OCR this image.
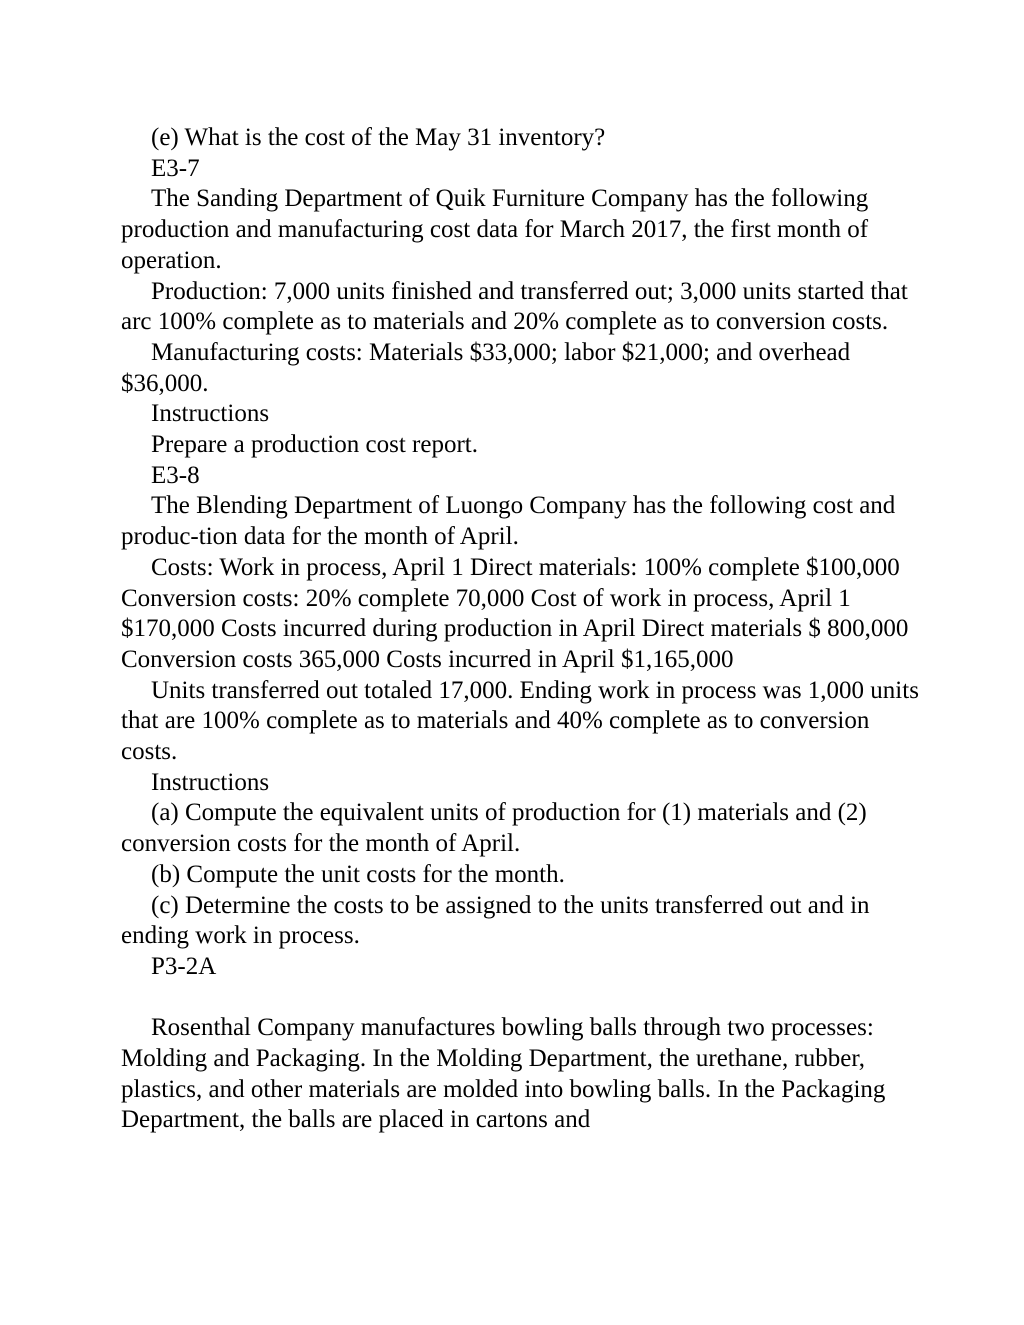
(e) What is the cost of the May 31 inventory?

E3-7

The Sanding Department of Quik Furniture Company has the following production and manufacturing cost data for March 2017, the first month of operation.

Production: 7,000 units finished and transferred out; 3,000 units started that arc 100% complete as to materials and 20% complete as to conversion costs.

Manufacturing costs: Materials $33,000; labor $21,000; and overhead $36,000.

Instructions

Prepare a production cost report.

E3-8

The Blending Department of Luongo Company has the following cost and produc-tion data for the month of April.

Costs: Work in process, April 1 Direct materials: 100% complete $100,000 Conversion costs: 20% complete 70,000 Cost of work in process, April 1 $170,000 Costs incurred during production in April Direct materials $ 800,000 Conversion costs 365,000 Costs incurred in April $1,165,000

Units transferred out totaled 17,000. Ending work in process was 1,000 units that are 100% complete as to materials and 40% complete as to conversion costs.

Instructions

(a) Compute the equivalent units of production for (1) materials and (2) conversion costs for the month of April.

(b) Compute the unit costs for the month.

(c) Determine the costs to be assigned to the units transferred out and in ending work in process.

P3-2A

Rosenthal Company manufactures bowling balls through two processes: Molding and Packaging. In the Molding Department, the urethane, rubber, plastics, and other materials are molded into bowling balls. In the Packaging Department, the balls are placed in cartons and
